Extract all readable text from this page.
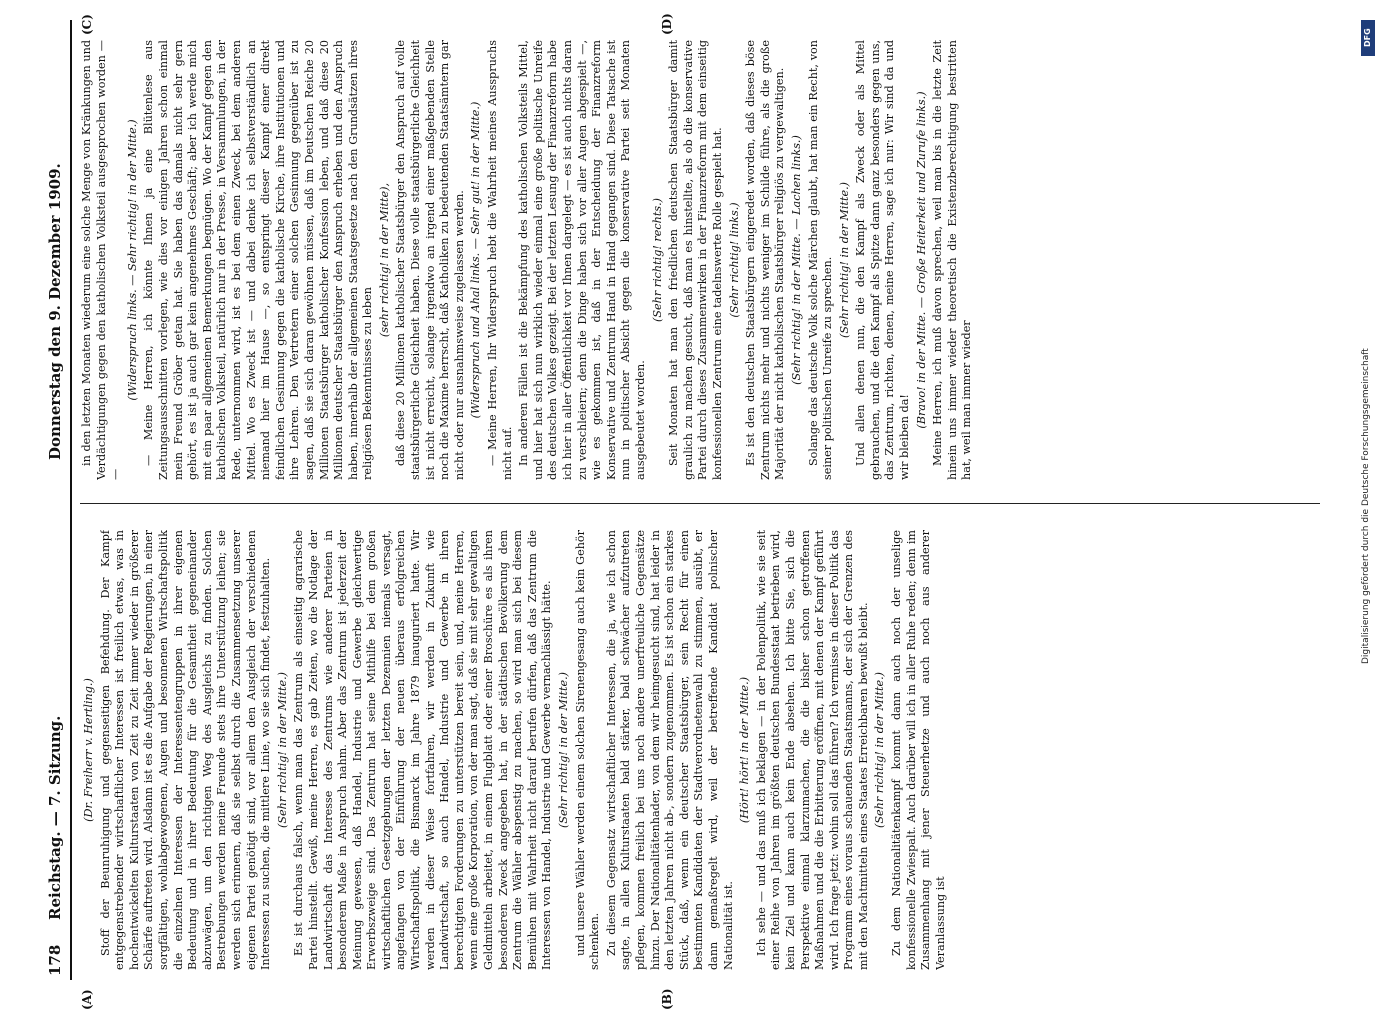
178
Reichstag. — 7. Sitzung.
Donnerstag den 9. Dezember 1909.
(A)	(B)
(C)	(D)

(Dr. Freiherr v. Hertling.) Stoff der Beunruhigung und gegenseitigen Befehdung. Der Kampf entgegenstrebender wirtschaftlicher Interessen ist freilich etwas, was in hochentwickelten Kulturstaaten von Zeit zu Zeit immer wieder in größerer Schärfe auftreten wird. Alsdann ist es die Aufgabe der Regierungen, in einer sorgfältigen, wohlabgewogenen, Augen und besonnenen Wirtschaftspolitik die einzelnen Interessen der Interessentengruppen in ihrer eigenen Bedeutung und in ihrer Bedeutung für die Gesamtheit gegeneinander abzuwägen, um den richtigen Weg des Ausgleichs zu finden. Solchen Bestrebungen werden meine Freunde stets ihre Unterstützung leihen; sie werden sich erinnern, daß sie selbst durch die Zusammensetzung unserer eigenen Partei genötigt sind, vor allem den Ausgleich der verschiedenen Interessen zu suchen, die mittlere Linie, wo sie sich findet, festzuhalten. (Sehr richtig! in der Mitte.) Es ist durchaus falsch, wenn man das Zentrum als einseitig agrarische Partei hinstellt. Gewiß, meine Herren, es gab Zeiten, wo die Notlage der Landwirtschaft das Interesse des Zentrums wie anderer Parteien in besonderem Maße in Anspruch nahm. Aber das Zentrum ist jederzeit der Meinung gewesen, daß Handel, Industrie und Gewerbe gleichwertige Erwerbszweige sind. Das Zentrum hat seine Mithilfe bei dem großen wirtschaftlichen Gesetzgebungen der letzten Dezennien niemals versagt, angefangen von der Einführung der neuen überaus erfolgreichen Wirtschaftspolitik, die Bismarck im Jahre 1879 inauguriert hatte. Wir werden in dieser Weise fortfahren, wir werden in Zukunft wie Landwirtschaft, so auch Handel, Industrie und Gewerbe in ihren berechtigten Forderungen zu unterstützen bereit sein, und, meine Herren, wenn eine große Korporation, von der man sagt, daß sie mit sehr gewaltigen Geldmitteln arbeitet, in einem Flugblatt oder einer Broschüre es als ihren besonderen Zweck angegeben hat, in der städtischen Bevölkerung dem Zentrum die Wähler abspenstig zu machen, so wird man sich bei diesem Bemühen mit Wahrheit nicht darauf berufen dürfen, daß das Zentrum die Interessen von Handel, Industrie und Gewerbe vernachlässigt hätte. (Sehr richtig! in der Mitte.) und unsere Wähler werden einem solchen Sirenengesang auch kein Gehör schenken. Zu diesem Gegensatz wirtschaftlicher Interessen, die ja, wie ich schon sagte, in allen Kulturstaaten bald stärker, bald schwächer aufzutreten pflegen, kommen freilich bei uns noch andere unerfreuliche Gegensätze hinzu. Der Nationalitätenhader, von dem wir heimgesucht sind, hat leider in den letzten Jahren nicht ab-, sondern zugenommen. Es ist schon ein starkes Stück, daß, wenn ein deutscher Staatsbürger, sein Recht für einen bestimmten Kandidaten der Stadtverordnetenwahl zu stimmen, ausübt, er dann gemaßregelt wird, weil der betreffende Kandidat polnischer Nationalität ist.

(Hört! hört! in der Mitte.) Ich sehe — und das muß ich beklagen — in der Polenpolitik, wie sie seit einer Reihe von Jahren im größten deutschen Bundesstaat betrieben wird, kein Ziel und kann auch kein Ende absehen. Ich bitte Sie, sich die Perspektive einmal klarzumachen, die die bisher schon getroffenen Maßnahmen und die die Erbitterung eröffnen, mit denen der Kampf geführt wird. Ich frage jetzt: wohin soll das führen? Ich vermisse in dieser Politik das Programm eines voraus schauenden Staatsmanns, der sich der Grenzen des mit den Machtmitteln eines Staates Erreichbaren bewußt bleibt. (Sehr richtig! in der Mitte.) Zu dem Nationalitätenkampf kommt dann auch noch der unselige konfessionelle Zwiespalt. Auch darüber will ich in aller Ruhe reden; denn im Zusammenhang mit jener Steuerhetze und auch noch aus anderer Veranlassung ist

in den letzten Monaten wiederum eine solche Menge von Kränkungen und Verdächtigungen gegen den katholischen Volksteil ausgesprochen worden — —

(Widerspruch links. — Sehr richtig! in der Mitte.) — Meine Herren, ich könnte Ihnen ja eine Blütenlese aus Zeitungsausschnitten vorlegen, wie dies vor einigen Jahren schon einmal mein Freund Gröber getan hat. Sie haben das damals nicht sehr gern gehört, es ist ja auch gar kein angenehmes Geschäft; aber ich werde mich mit ein paar allgemeinen Bemerkungen begnügen. Wo der Kampf gegen den katholischen Volksteil, natürlich nur in der Presse, in Versammlungen, in der Rede, unternommen wird, ist es bei dem einen Zweck, bei dem anderen Mittel. Wo es Zweck ist — und dabei denke ich selbstverständlich an niemand hier im Hause —, so entspringt dieser Kampf einer direkt feindlichen Gesinnung gegen die katholische Kirche, ihre Institutionen und ihre Lehren. Den Vertretern einer solchen Gesinnung gegenüber ist zu sagen, daß sie sich daran gewöhnen müssen, daß im Deutschen Reiche 20 Millionen Staatsbürger katholischer Konfession leben, und daß diese 20 Millionen deutscher Staatsbürger den Anspruch erheben und den Anspruch haben, innerhalb der allgemeinen Staatsgesetze nach den Grundsätzen ihres religiösen Bekenntnisses zu leben

(sehr richtig! in der Mitte), daß diese 20 Millionen katholischer Staatsbürger den Anspruch auf volle staatsbürgerliche Gleichheit haben. Diese volle staatsbürgerliche Gleichheit ist nicht erreicht, solange irgendwo an irgend einer maßgebenden Stelle noch die Maxime herrscht, daß Katholiken zu bedeutenden Staatsämtern gar nicht oder nur ausnahmsweise zugelassen werden. (Widerspruch und Ahal links. — Sehr gut! in der Mitte.) — Meine Herren, Ihr Widerspruch hebt die Wahrheit meines Ausspruchs nicht auf. In anderen Fällen ist die Bekämpfung des katholischen Volksteils Mittel, und hier hat sich nun wirklich wieder einmal eine große politische Unreife des deutschen Volkes gezeigt. Bei der letzten Lesung der Finanzreform habe ich hier in aller Öffentlichkeit vor Ihnen dargelegt — es ist auch nichts daran zu verschleiern; denn die Dinge haben sich vor aller Augen abgespielt —, wie es gekommen ist, daß in der Entscheidung der Finanzreform Konservative und Zentrum Hand in Hand gegangen sind. Diese Tatsache ist nun in politischer Absicht gegen die konservative Partei seit Monaten ausgebeutet worden.

(Sehr richtig! rechts.) Seit Monaten hat man den friedlichen deutschen Staatsbürger damit graulich zu machen gesucht, daß man es hinstellte, als ob die konservative Partei durch dieses Zusammenwirken in der Finanzreform mit dem einseitig konfessionellen Zentrum eine tadelnswerte Rolle gespielt hat. (Sehr richtig! links.) Es ist den deutschen Staatsbürgern eingeredet worden, daß dieses böse Zentrum nichts mehr und nichts weniger im Schilde führe, als die große Majorität der nicht katholischen Staatsbürger religiös zu vergewaltigen. (Sehr richtig! in der Mitte. — Lachen links.) Solange das deutsche Volk solche Märchen glaubt, hat man ein Recht, von seiner politischen Unreife zu sprechen. (Sehr richtig! in der Mitte.) Und allen denen nun, die den Kampf als Zweck oder als Mittel gebrauchen, und die den Kampf als Spitze dann ganz besonders gegen uns, das Zentrum, richten, denen, meine Herren, sage ich nur: Wir sind da und wir bleiben da!

(Bravo! in der Mitte. — Große Heiterkeit und Zurufe links.) Meine Herren, ich muß davon sprechen, weil man bis in die letzte Zeit hinein uns immer wieder theoretisch die Existenzberechtigung bestritten hat, weil man immer wieder

DFG
Digitalisierung gefördert durch die Deutsche Forschungsgemeinschaft
